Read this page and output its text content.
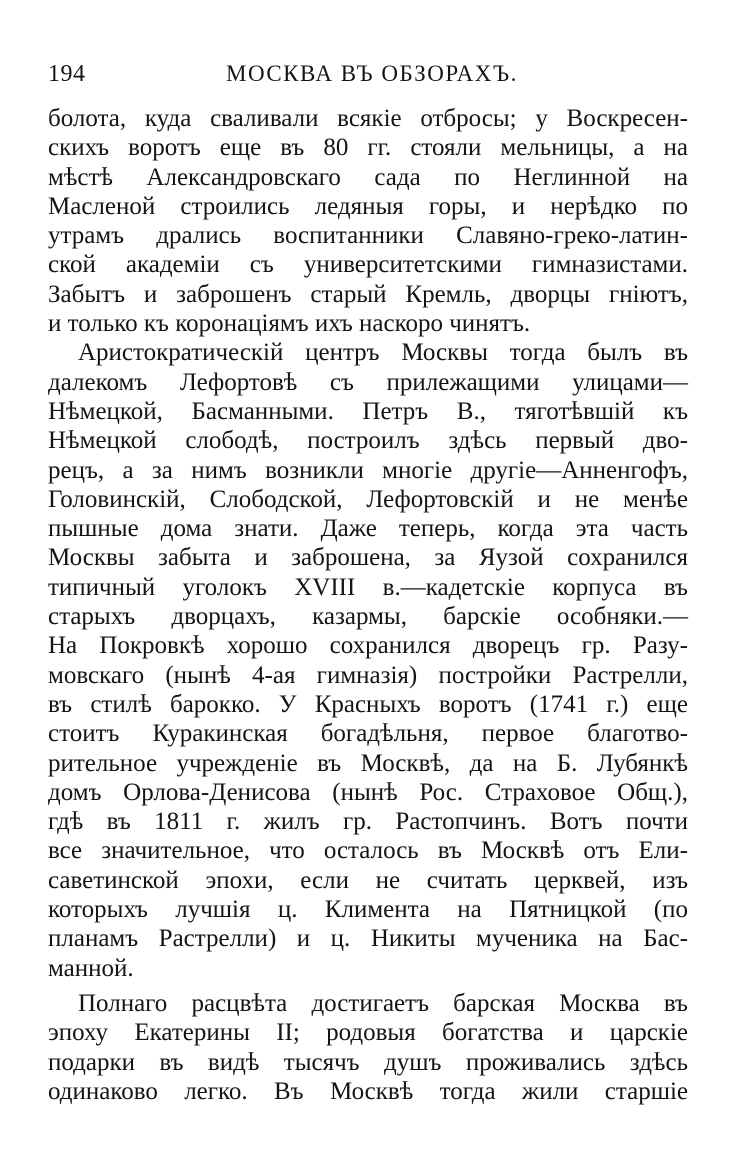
194	МОСКВА ВЪ ОБЗОРАХЪ.
болота, куда сваливали всякіе отбросы; у Воскресен-
скихъ воротъ еще въ 80 гг. стояли мельницы, а на
мѣстѣ Александровскаго сада по Неглинной на
Масленой строились ледяныя горы, и нерѣдко по
утрамъ дрались воспитанники Славяно-греко-латин-
ской академіи съ университетскими гимназистами.
Забытъ и заброшенъ старый Кремль, дворцы гніютъ,
и только къ коронаціямъ ихъ наскоро чинятъ.
Аристократическій центръ Москвы тогда былъ въ
далекомъ Лефортовѣ съ прилежащими улицами—
Нѣмецкой, Басманными. Петръ В., тяготѣвшій къ
Нѣмецкой слободѣ, построилъ здѣсь первый дво-
рецъ, а за нимъ возникли многіе другіе—Анненгофъ,
Головинскій, Слободской, Лефортовскій и не менѣе
пышные дома знати. Даже теперь, когда эта часть
Москвы забыта и заброшена, за Яузой сохранился
типичный уголокъ XVIII в.—кадетскіе корпуса въ
старыхъ дворцахъ, казармы, барскіе особняки.—
На Покровкѣ хорошо сохранился дворецъ гр. Разу-
мовскаго (нынѣ 4-ая гимназія) постройки Растрелли,
въ стилѣ барокко. У Красныхъ воротъ (1741 г.) еще
стоитъ Куракинская богадѣльня, первое благотво-
рительное учрежденіе въ Москвѣ, да на Б. Лубянкѣ
домъ Орлова-Денисова (нынѣ Рос. Страховое Общ.),
гдѣ въ 1811 г. жилъ гр. Растопчинъ. Вотъ почти
все значительное, что осталось въ Москвѣ отъ Ели-
саветинской эпохи, если не считать церквей, изъ
которыхъ лучшія ц. Климента на Пятницкой (по
планамъ Растрелли) и ц. Никиты мученика на Бас-
манной.
Полнаго расцвѣта достигаетъ барская Москва въ
эпоху Екатерины II; родовыя богатства и царскіе
подарки въ видѣ тысячъ душъ проживались здѣсь
одинаково легко. Въ Москвѣ тогда жили старшіе
